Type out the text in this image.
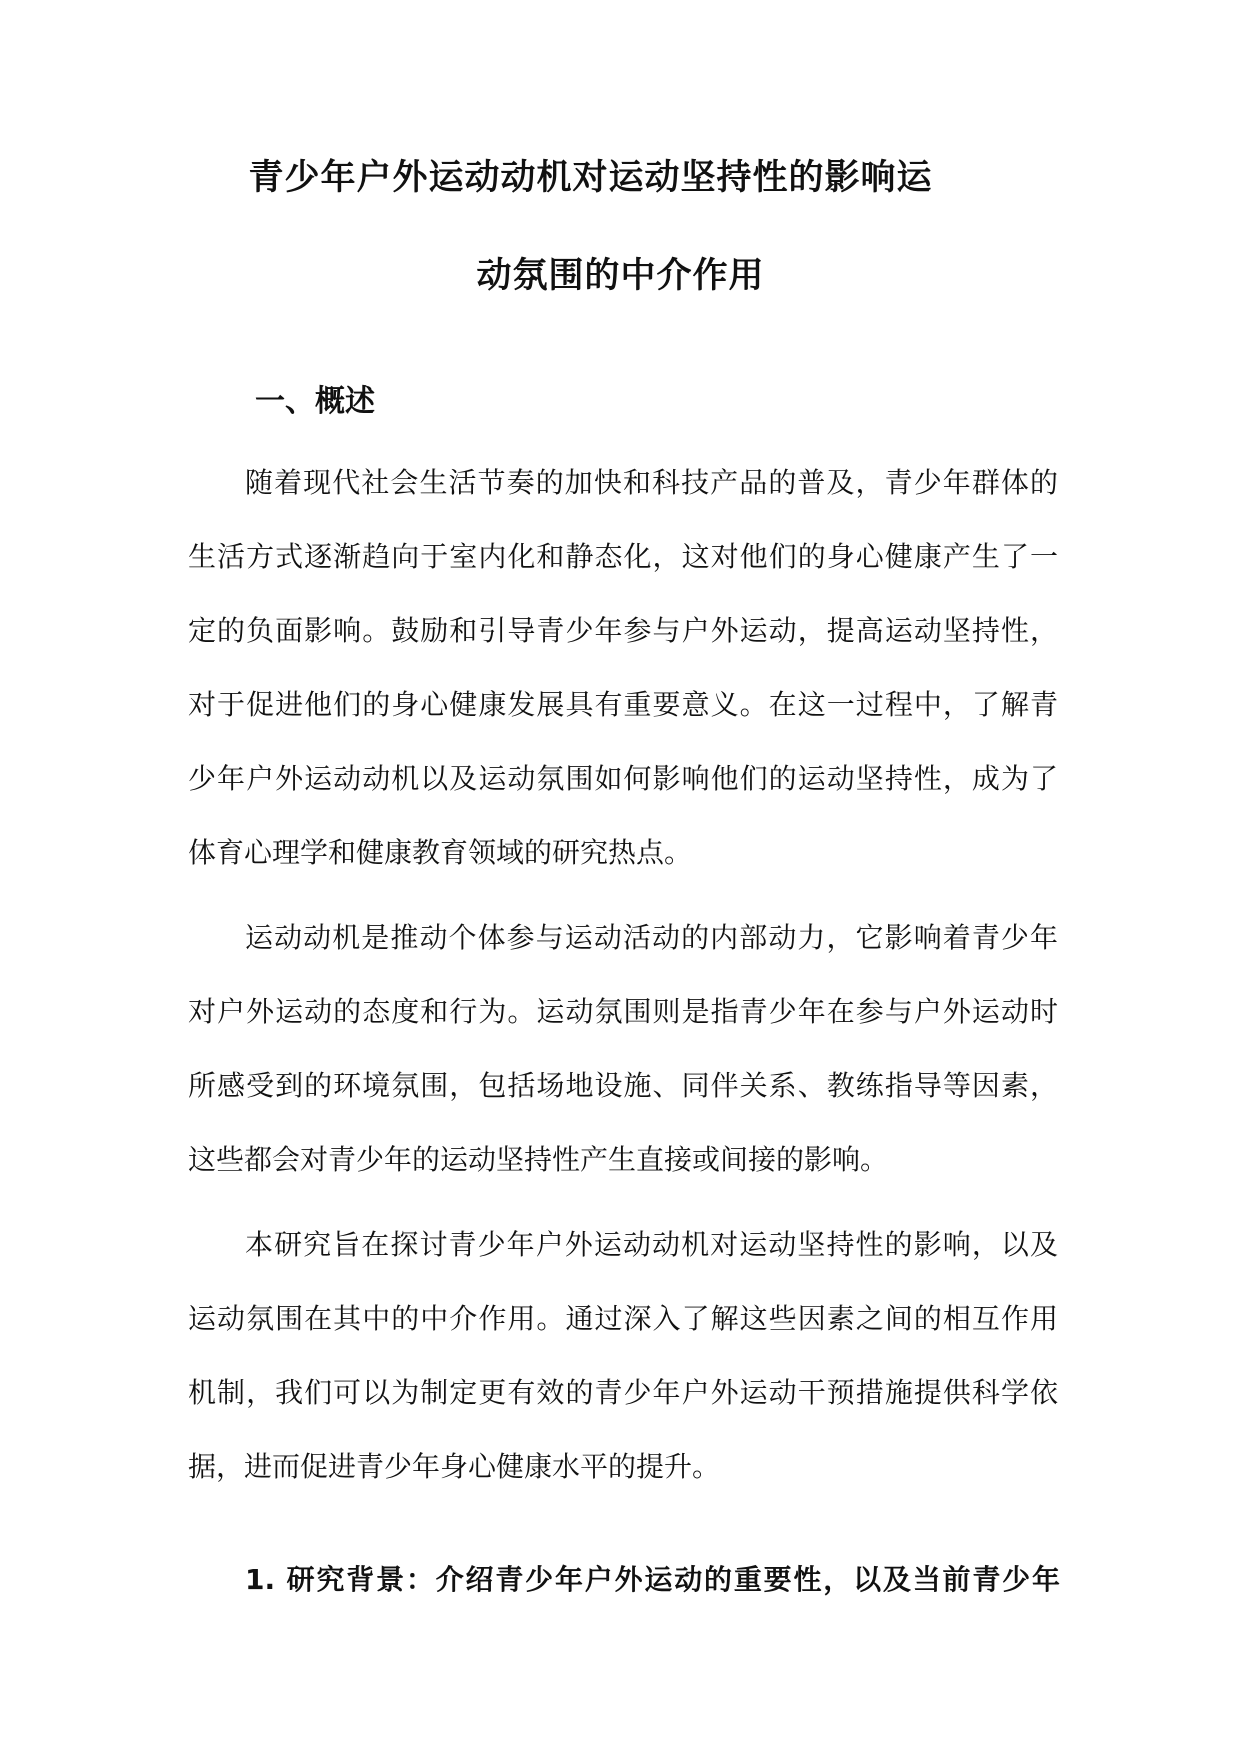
青少年户外运动动机对运动坚持性的影响运
动氛围的中介作用
一、概述
随着现代社会生活节奏的加快和科技产品的普及，青少年群体的
生活方式逐渐趋向于室内化和静态化，这对他们的身心健康产生了一
定的负面影响。鼓励和引导青少年参与户外运动，提高运动坚持性，
对于促进他们的身心健康发展具有重要意义。在这一过程中，了解青
少年户外运动动机以及运动氛围如何影响他们的运动坚持性，成为了
体育心理学和健康教育领域的研究热点。
运动动机是推动个体参与运动活动的内部动力，它影响着青少年
对户外运动的态度和行为。运动氛围则是指青少年在参与户外运动时
所感受到的环境氛围，包括场地设施、同伴关系、教练指导等因素，
这些都会对青少年的运动坚持性产生直接或间接的影响。
本研究旨在探讨青少年户外运动动机对运动坚持性的影响，以及
运动氛围在其中的中介作用。通过深入了解这些因素之间的相互作用
机制，我们可以为制定更有效的青少年户外运动干预措施提供科学依
据，进而促进青少年身心健康水平的提升。
1. 研究背景：介绍青少年户外运动的重要性，以及当前青少年
